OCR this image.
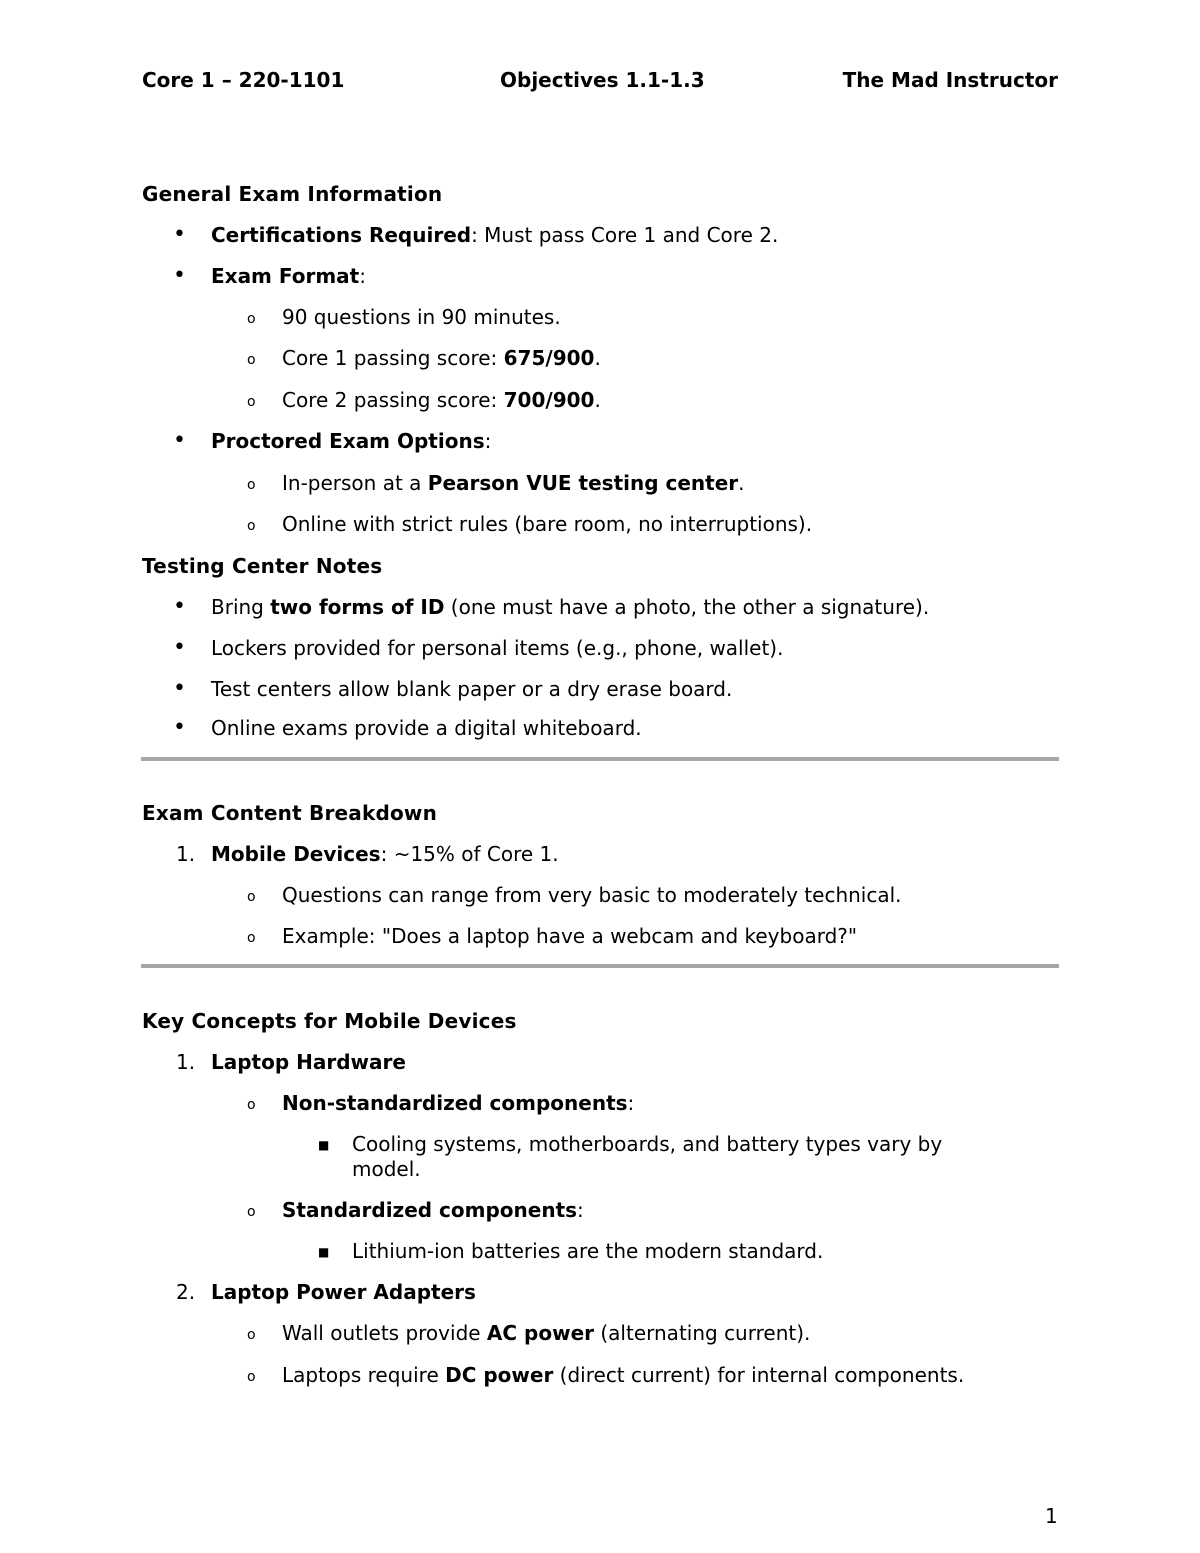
Core 1 – 220-1101	Objectives 1.1-1.3	The Mad Instructor
General Exam Information
• Certifications Required: Must pass Core 1 and Core 2.
• Exam Format:
o 90 questions in 90 minutes.
o Core 1 passing score: 675/900.
o Core 2 passing score: 700/900.
• Proctored Exam Options:
o In-person at a Pearson VUE testing center.
o Online with strict rules (bare room, no interruptions).
Testing Center Notes
• Bring two forms of ID (one must have a photo, the other a signature).
• Lockers provided for personal items (e.g., phone, wallet).
• Test centers allow blank paper or a dry erase board.
• Online exams provide a digital whiteboard.
Exam Content Breakdown
1. Mobile Devices: ~15% of Core 1.
o Questions can range from very basic to moderately technical.
o Example: "Does a laptop have a webcam and keyboard?"
Key Concepts for Mobile Devices
1. Laptop Hardware
o Non-standardized components:
■ Cooling systems, motherboards, and battery types vary by
model.
o Standardized components:
■ Lithium-ion batteries are the modern standard.
2. Laptop Power Adapters
o Wall outlets provide AC power (alternating current).
o Laptops require DC power (direct current) for internal components.
1
